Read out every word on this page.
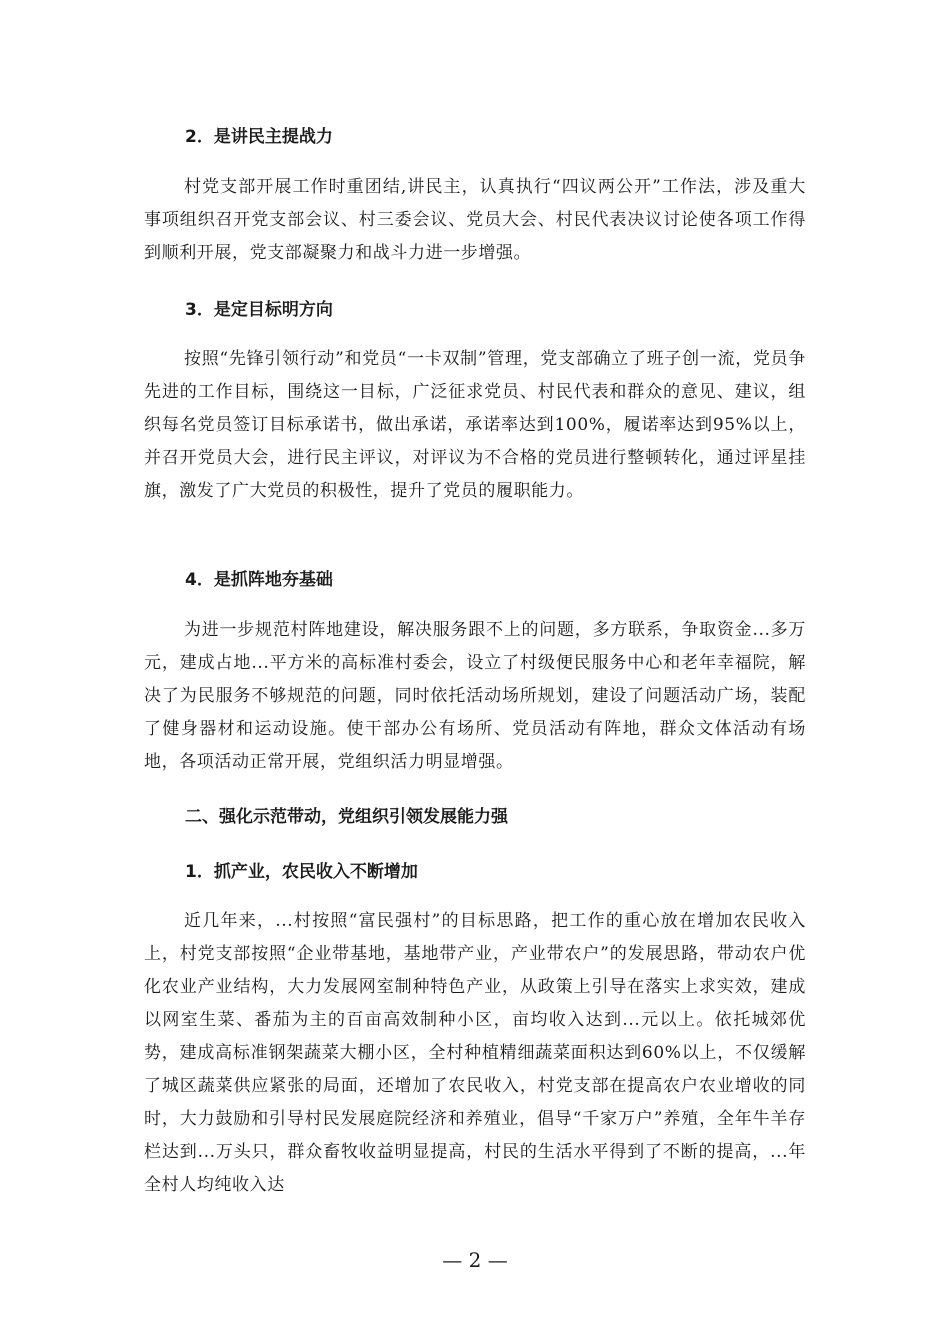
2．是讲民主提战力
村党支部开展工作时重团结,讲民主，认真执行“四议两公开”工作法，涉及重大事项组织召开党支部会议、村三委会议、党员大会、村民代表决议讨论使各项工作得到顺利开展，党支部凝聚力和战斗力进一步增强。
3．是定目标明方向
按照“先锋引领行动”和党员“一卡双制”管理，党支部确立了班子创一流，党员争先进的工作目标，围绕这一目标，广泛征求党员、村民代表和群众的意见、建议，组织每名党员签订目标承诺书，做出承诺，承诺率达到100%，履诺率达到95%以上，并召开党员大会，进行民主评议，对评议为不合格的党员进行整顿转化，通过评星挂旗，激发了广大党员的积极性，提升了党员的履职能力。
4．是抓阵地夯基础
为进一步规范村阵地建设，解决服务跟不上的问题，多方联系，争取资金...多万元，建成占地...平方米的高标准村委会，设立了村级便民服务中心和老年幸福院，解决了为民服务不够规范的问题，同时依托活动场所规划，建设了问题活动广场，装配了健身器材和运动设施。使干部办公有场所、党员活动有阵地，群众文体活动有场地，各项活动正常开展，党组织活力明显增强。
二、强化示范带动，党组织引领发展能力强
1．抓产业，农民收入不断增加
近几年来，...村按照“富民强村”的目标思路，把工作的重心放在增加农民收入上，村党支部按照“企业带基地，基地带产业，产业带农户”的发展思路，带动农户优化农业产业结构，大力发展网室制种特色产业，从政策上引导在落实上求实效，建成以网室生菜、番茄为主的百亩高效制种小区，亩均收入达到...元以上。依托城郊优势，建成高标准钢架蔬菜大棚小区，全村种植精细蔬菜面积达到60%以上，不仅缓解了城区蔬菜供应紧张的局面，还增加了农民收入，村党支部在提高农户农业增收的同时，大力鼓励和引导村民发展庭院经济和养殖业，倡导“千家万户”养殖，全年牛羊存栏达到...万头只，群众畜牧收益明显提高，村民的生活水平得到了不断的提高，...年全村人均纯收入达
— 2 —
